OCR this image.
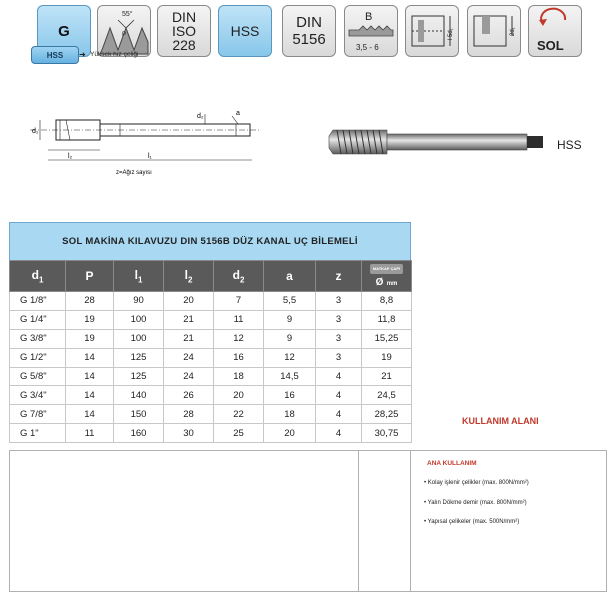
G
55°
P
DIN
ISO
228
HSS DIN
5156
B
3,5 - 6
l 5d₁	2d₁
SOL
d₁
d₂	a
l₂	l₁
z=Ağız sayısı
HSS
SOL MAKİNA KILAVUZU DIN 5156B DÜZ KANAL UÇ BİLEMELİ
$d_1$	P	$l_1$	$l_2$	$d_2$	a	z	MATKAP ÇAPI
Ø mm

G 1/8"	28	90	20	7	5,5	3	8,8
G 1/4"	19	100	21	11	9	3	11,8
G 3/8"	19	100	21	12	9	3	15,25
G 1/2"	14	125	24	16	12	3	19
G 5/8"	14	125	24	18	14,5	4	21
G 3/4"	14	140	26	20	16	4	24,5
G 7/8"	14	150	28	22	18	4	28,25
G 1"	11	160	30	25	20	4	30,75
HSS	➜ Yüksek hız çeliği
KULLANIM ALANI
ANA KULLANIM
• Kolay işlenir çelikler (max. 800N/mm²)
• Yalın Dökme demir (max. 800N/mm²)
• Yapısal çelikeler (max. 500N/mm²)
